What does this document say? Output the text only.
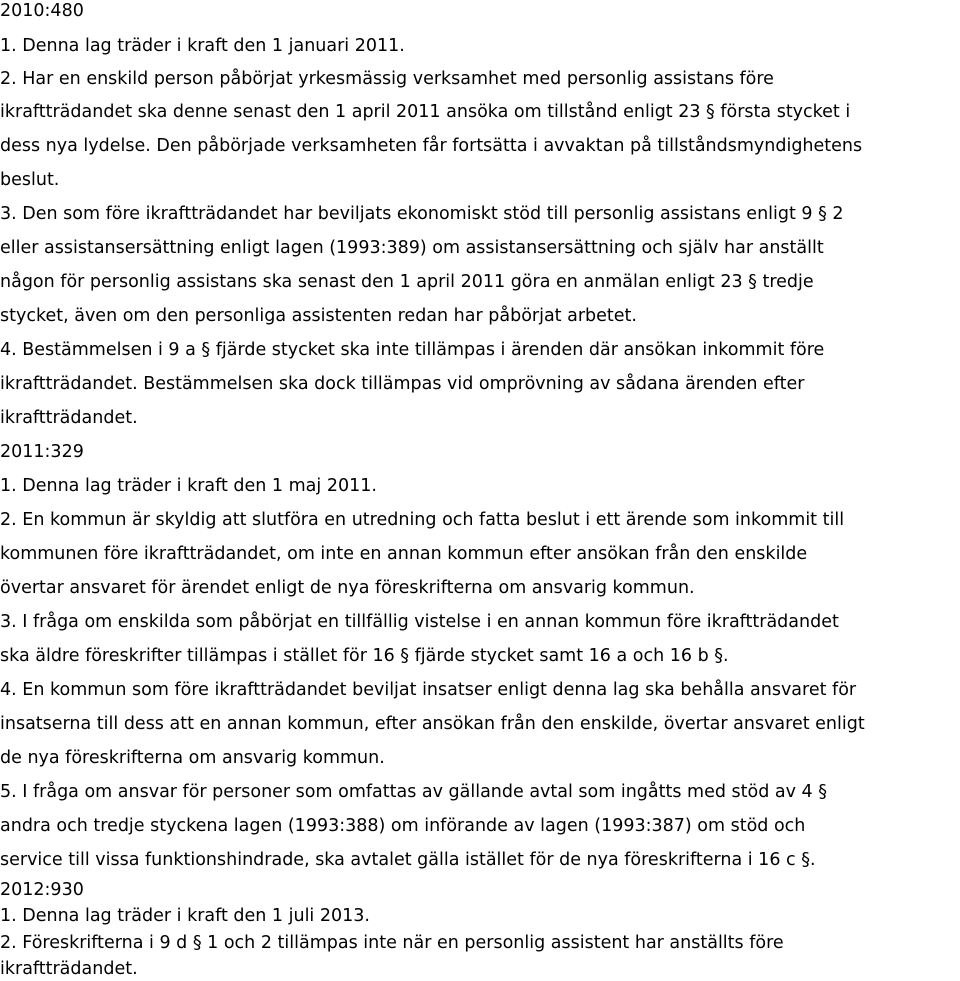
2010:480
1. Denna lag träder i kraft den 1 januari 2011.
2. Har en enskild person påbörjat yrkesmässig verksamhet med personlig assistans före
ikraftträdandet ska denne senast den 1 april 2011 ansöka om tillstånd enligt 23 § första stycket i
dess nya lydelse. Den påbörjade verksamheten får fortsätta i avvaktan på tillståndsmyndighetens
beslut.
3. Den som före ikraftträdandet har beviljats ekonomiskt stöd till personlig assistans enligt 9 § 2
eller assistansersättning enligt lagen (1993:389) om assistansersättning och själv har anställt
någon för personlig assistans ska senast den 1 april 2011 göra en anmälan enligt 23 § tredje
stycket, även om den personliga assistenten redan har påbörjat arbetet.
4. Bestämmelsen i 9 a § fjärde stycket ska inte tillämpas i ärenden där ansökan inkommit före
ikraftträdandet. Bestämmelsen ska dock tillämpas vid omprövning av sådana ärenden efter
ikraftträdandet.
2011:329
1. Denna lag träder i kraft den 1 maj 2011.
2. En kommun är skyldig att slutföra en utredning och fatta beslut i ett ärende som inkommit till
kommunen före ikraftträdandet, om inte en annan kommun efter ansökan från den enskilde
övertar ansvaret för ärendet enligt de nya föreskrifterna om ansvarig kommun.
3. I fråga om enskilda som påbörjat en tillfällig vistelse i en annan kommun före ikraftträdandet
ska äldre föreskrifter tillämpas i stället för 16 § fjärde stycket samt 16 a och 16 b §.
4. En kommun som före ikraftträdandet beviljat insatser enligt denna lag ska behålla ansvaret för
insatserna till dess att en annan kommun, efter ansökan från den enskilde, övertar ansvaret enligt
de nya föreskrifterna om ansvarig kommun.
5. I fråga om ansvar för personer som omfattas av gällande avtal som ingåtts med stöd av 4 §
andra och tredje styckena lagen (1993:388) om införande av lagen (1993:387) om stöd och
service till vissa funktionshindrade, ska avtalet gälla istället för de nya föreskrifterna i 16 c §.
2012:930
1. Denna lag träder i kraft den 1 juli 2013.
2. Föreskrifterna i 9 d § 1 och 2 tillämpas inte när en personlig assistent har anställts före
ikraftträdandet.
